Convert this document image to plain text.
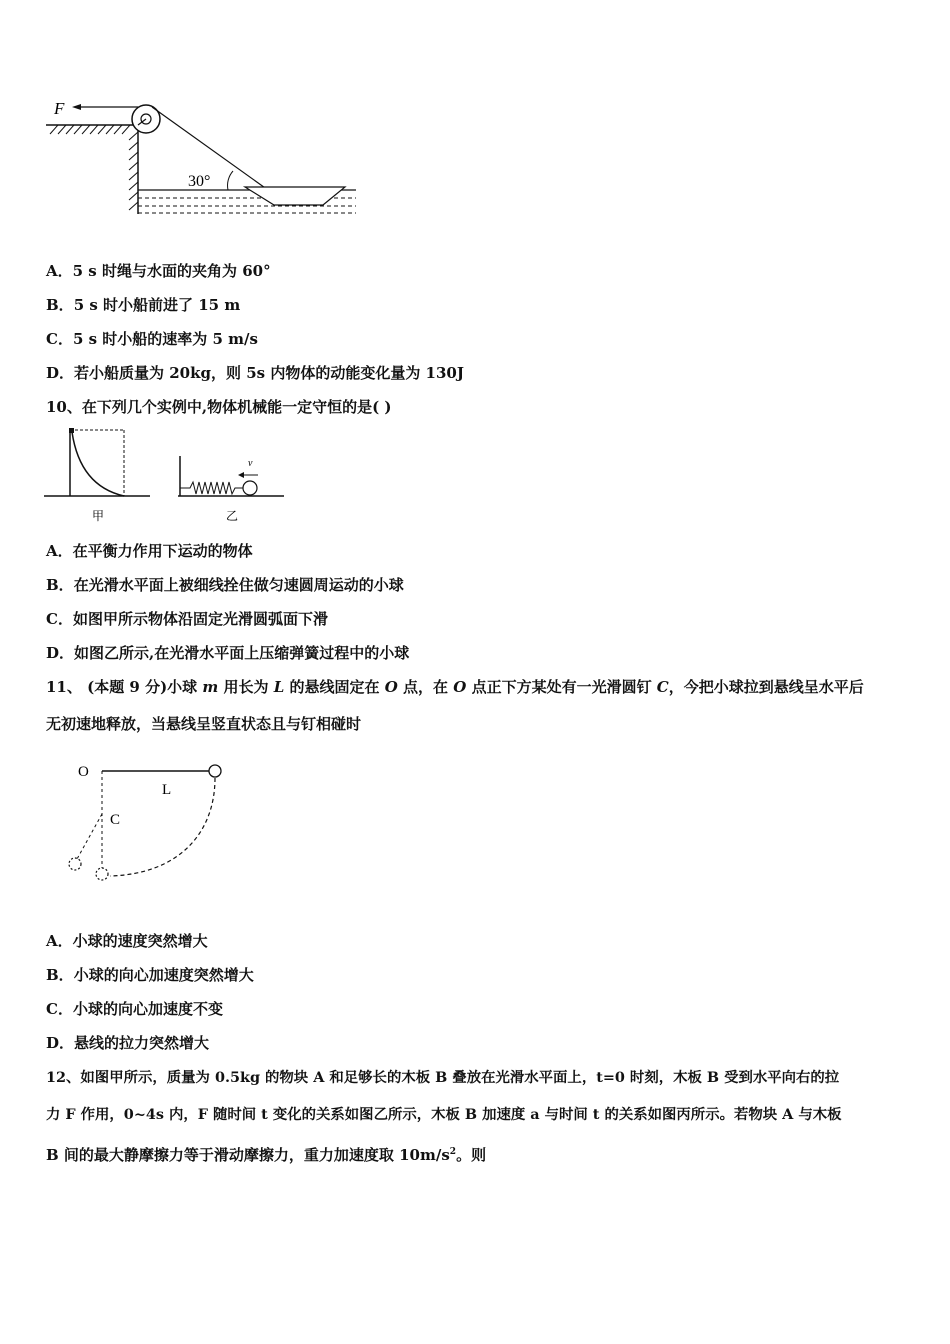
F
30°
A．5 s 时绳与水面的夹角为 60°
B．5 s 时小船前进了 15 m
C．5 s 时小船的速率为 5 m/s
D．若小船质量为 20kg，则 5s 内物体的动能变化量为 130J
10、在下列几个实例中,物体机械能一定守恒的是( )
甲
v
乙
A．在平衡力作用下运动的物体
B．在光滑水平面上被细线拴住做匀速圆周运动的小球
C．如图甲所示物体沿固定光滑圆弧面下滑
D．如图乙所示,在光滑水平面上压缩弹簧过程中的小球
11、 (本题 9 分)小球 m 用长为 L 的悬线固定在 O 点，在 O 点正下方某处有一光滑圆钉 C，今把小球拉到悬线呈水平后
无初速地释放，当悬线呈竖直状态且与钉相碰时
O
L
C
A．小球的速度突然增大
B．小球的向心加速度突然增大
C．小球的向心加速度不变
D．悬线的拉力突然增大
12、如图甲所示，质量为 0.5kg 的物块 A 和足够长的木板 B 叠放在光滑水平面上，t=0 时刻，木板 B 受到水平向右的拉
力 F 作用，0~4s 内，F 随时间 t 变化的关系如图乙所示，木板 B 加速度 a 与时间 t 的关系如图丙所示。若物块 A 与木板
B 间的最大静摩擦力等于滑动摩擦力，重力加速度取 $10m/s^2$。则
